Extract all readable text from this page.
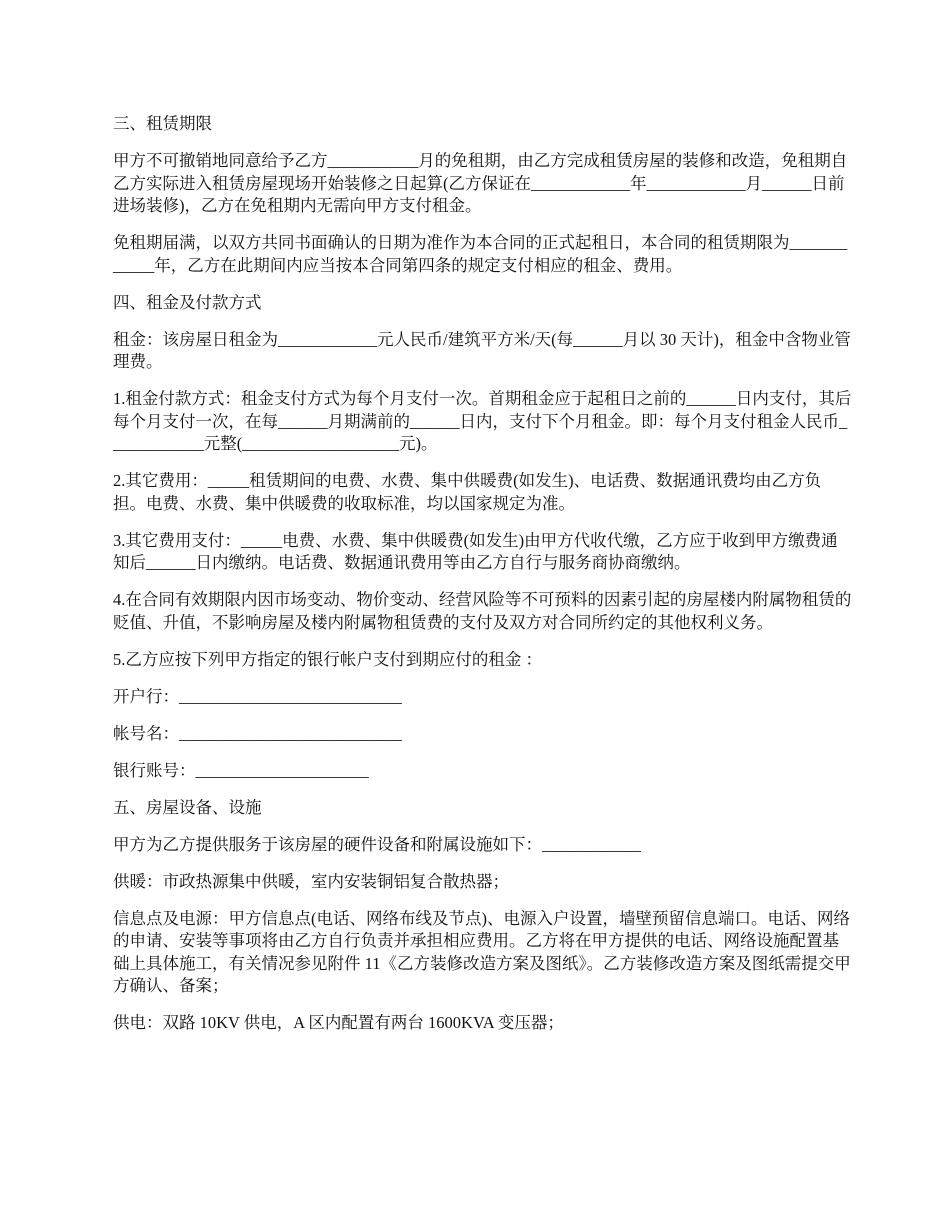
三、租赁期限

甲方不可撤销地同意给予乙方___________月的免租期，由乙方完成租赁房屋的装修和改造，免租期自乙方实际进入租赁房屋现场开始装修之日起算(乙方保证在____________年____________月______日前进场装修)，乙方在免租期内无需向甲方支付租金。

免租期届满，以双方共同书面确认的日期为准作为本合同的正式起租日，本合同的租赁期限为____________年，乙方在此期间内应当按本合同第四条的规定支付相应的租金、费用。

四、租金及付款方式

租金：该房屋日租金为____________元人民币/建筑平方米/天(每______月以 30 天计)，租金中含物业管理费。

1.租金付款方式：租金支付方式为每个月支付一次。首期租金应于起租日之前的______日内支付，其后每个月支付一次，在每______月期满前的______日内，支付下个月租金。即：每个月支付租金人民币____________元整(___________________元)。

2.其它费用：_____租赁期间的电费、水费、集中供暖费(如发生)、电话费、数据通讯费均由乙方负担。电费、水费、集中供暖费的收取标准，均以国家规定为准。

3.其它费用支付：_____电费、水费、集中供暖费(如发生)由甲方代收代缴，乙方应于收到甲方缴费通知后______日内缴纳。电话费、数据通讯费用等由乙方自行与服务商协商缴纳。

4.在合同有效期限内因市场变动、物价变动、经营风险等不可预料的因素引起的房屋楼内附属物租赁的贬值、升值，不影响房屋及楼内附属物租赁费的支付及双方对合同所约定的其他权利义务。

5.乙方应按下列甲方指定的银行帐户支付到期应付的租金 ：

开户行：___________________________

帐号名：___________________________

银行账号：_____________________

五、房屋设备、设施

甲方为乙方提供服务于该房屋的硬件设备和附属设施如下：____________

供暖：市政热源集中供暖，室内安装铜铝复合散热器；

信息点及电源：甲方信息点(电话、网络布线及节点)、电源入户设置，墙壁预留信息端口。电话、网络的申请、安装等事项将由乙方自行负责并承担相应费用。乙方将在甲方提供的电话、网络设施配置基础上具体施工，有关情况参见附件 11《乙方装修改造方案及图纸》。乙方装修改造方案及图纸需提交甲方确认、备案；

供电：双路 10KV 供电，A 区内配置有两台 1600KVA 变压器；
